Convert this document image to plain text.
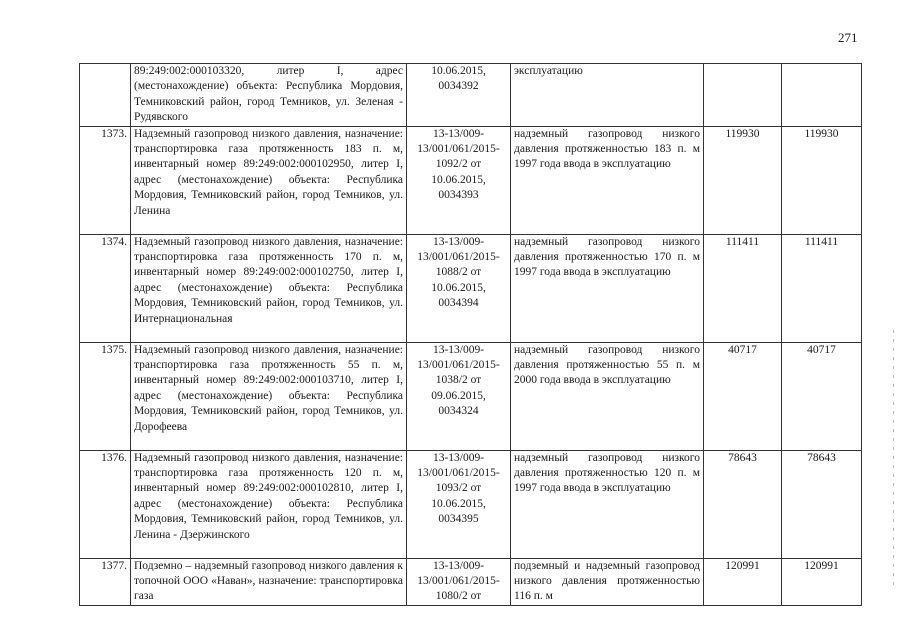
271
	89:249:002:000103320, литер I, адрес (местонахождение) объекта: Республика Мордовия, Темниковский район, город Темников, ул. Зеленая - Рудявского	10.06.2015, 0034392	эксплуатацию		
1373.	Надземный газопровод низкого давления, назначение: транспортировка газа протяженность 183 п. м, инвентарный номер 89:249:002:000102950, литер I, адрес (местонахождение) объекта: Республика Мордовия, Темниковский район, город Темников, ул. Ленина	13-13/009-13/001/061/2015-1092/2 от 10.06.2015, 0034393	надземный газопровод низкого давления протяженностью 183 п. м 1997 года ввода в эксплуатацию	119930	119930
1374.	Надземный газопровод низкого давления, назначение: транспортировка газа протяженность 170 п. м, инвентарный номер 89:249:002:000102750, литер I, адрес (местонахождение) объекта: Республика Мордовия, Темниковский район, город Темников, ул. Интернациональная	13-13/009-13/001/061/2015-1088/2 от 10.06.2015, 0034394	надземный газопровод низкого давления протяженностью 170 п. м 1997 года ввода в эксплуатацию	111411	111411
1375.	Надземный газопровод низкого давления, назначение: транспортировка газа протяженность 55 п. м, инвентарный номер 89:249:002:000103710, литер I, адрес (местонахождение) объекта: Республика Мордовия, Темниковский район, город Темников, ул. Дорофеева	13-13/009-13/001/061/2015-1038/2 от 09.06.2015, 0034324	надземный газопровод низкого давления протяженностью 55 п. м 2000 года ввода в эксплуатацию	40717	40717
1376.	Надземный газопровод низкого давления, назначение: транспортировка газа протяженность 120 п. м, инвентарный номер 89:249:002:000102810, литер I, адрес (местонахождение) объекта: Республика Мордовия, Темниковский район, город Темников, ул. Ленина - Дзержинского	13-13/009-13/001/061/2015-1093/2 от 10.06.2015, 0034395	надземный газопровод низкого давления протяженностью 120 п. м 1997 года ввода в эксплуатацию	78643	78643
1377.	Подземно – надземный газопровод низкого давления к топочной ООО «Наван», назначение: транспортировка газа	13-13/009-13/001/061/2015-1080/2 от	подземный и надземный газопровод низкого давления протяженностью 116 п. м	120991	120991
